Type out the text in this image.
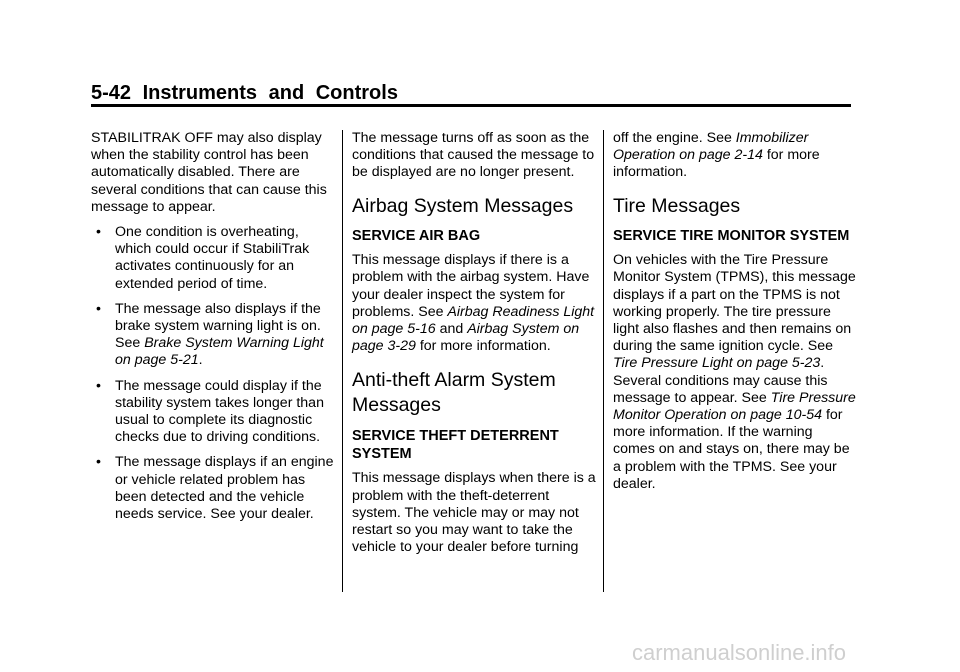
5-42 Instruments and Controls

STABILITRAK OFF may also display when the stability control has been automatically disabled. There are several conditions that can cause this message to appear.

• One condition is overheating, which could occur if StabiliTrak activates continuously for an extended period of time.
• The message also displays if the brake system warning light is on. See Brake System Warning Light on page 5-21.
• The message could display if the stability system takes longer than usual to complete its diagnostic checks due to driving conditions.
• The message displays if an engine or vehicle related problem has been detected and the vehicle needs service. See your dealer.

The message turns off as soon as the conditions that caused the message to be displayed are no longer present.

Airbag System Messages
SERVICE AIR BAG

This message displays if there is a problem with the airbag system. Have your dealer inspect the system for problems. See Airbag Readiness Light on page 5-16 and Airbag System on page 3-29 for more information.

Anti-theft Alarm System Messages
SERVICE THEFT DETERRENT SYSTEM

This message displays when there is a problem with the theft-deterrent system. The vehicle may or may not restart so you may want to take the vehicle to your dealer before turning

off the engine. See Immobilizer Operation on page 2-14 for more information.

Tire Messages
SERVICE TIRE MONITOR SYSTEM

On vehicles with the Tire Pressure Monitor System (TPMS), this message displays if a part on the TPMS is not working properly. The tire pressure light also flashes and then remains on during the same ignition cycle. See Tire Pressure Light on page 5-23. Several conditions may cause this message to appear. See Tire Pressure Monitor Operation on page 10-54 for more information. If the warning comes on and stays on, there may be a problem with the TPMS. See your dealer.

carmanualsonline.info
